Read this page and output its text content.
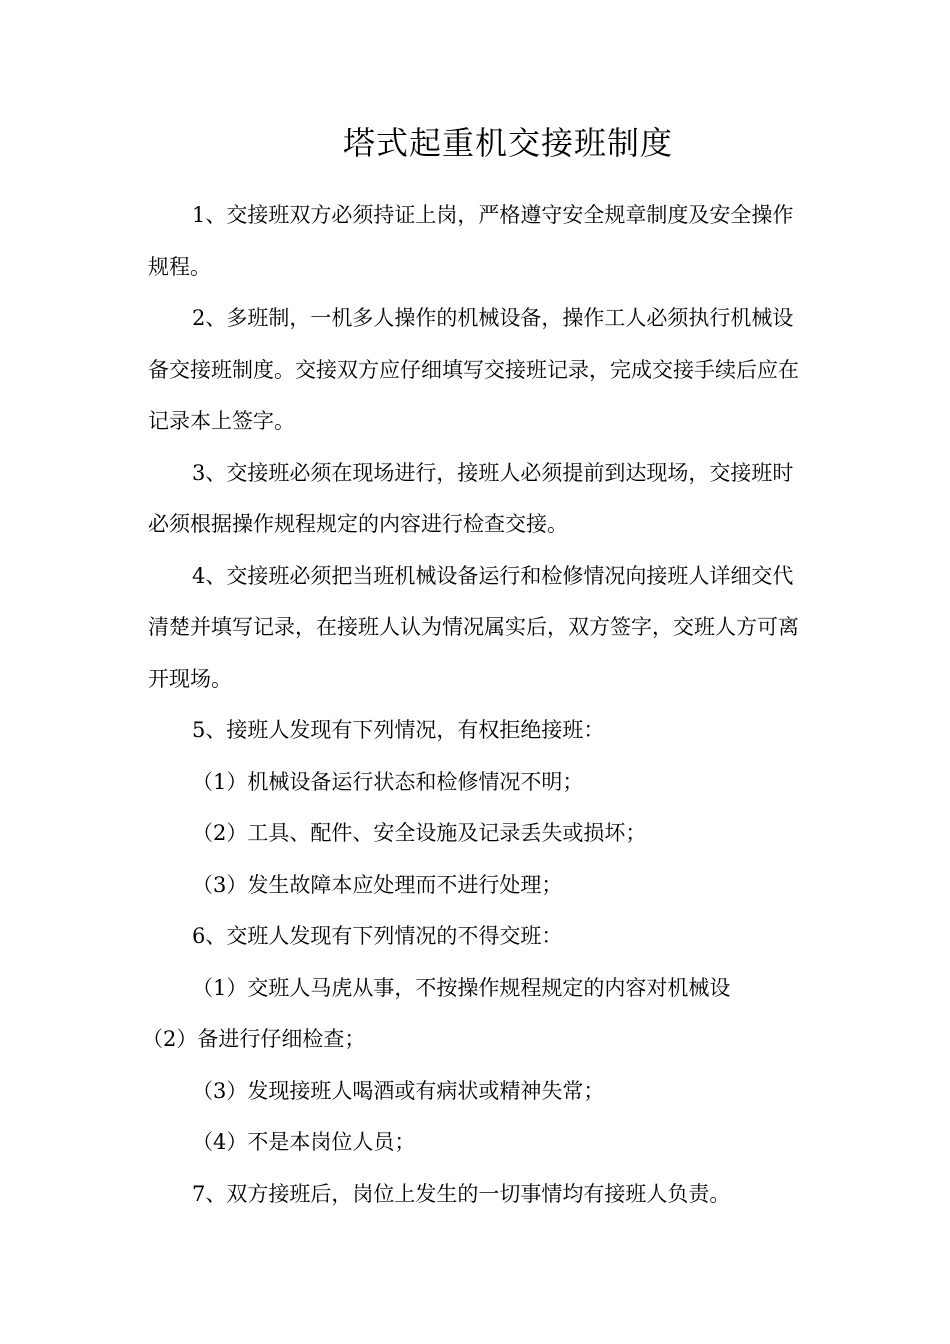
塔式起重机交接班制度

1、交接班双方必须持证上岗，严格遵守安全规章制度及安全操作规程。

2、多班制，一机多人操作的机械设备，操作工人必须执行机械设备交接班制度。交接双方应仔细填写交接班记录，完成交接手续后应在记录本上签字。

3、交接班必须在现场进行，接班人必须提前到达现场，交接班时必须根据操作规程规定的内容进行检查交接。

4、交接班必须把当班机械设备运行和检修情况向接班人详细交代清楚并填写记录，在接班人认为情况属实后，双方签字，交班人方可离开现场。

5、接班人发现有下列情况，有权拒绝接班：

（1）机械设备运行状态和检修情况不明；

（2）工具、配件、安全设施及记录丢失或损坏；

（3）发生故障本应处理而不进行处理；

6、交班人发现有下列情况的不得交班：

（1）交班人马虎从事，不按操作规程规定的内容对机械设

（2）备进行仔细检查；

（3）发现接班人喝酒或有病状或精神失常；

（4）不是本岗位人员；

7、双方接班后，岗位上发生的一切事情均有接班人负责。
